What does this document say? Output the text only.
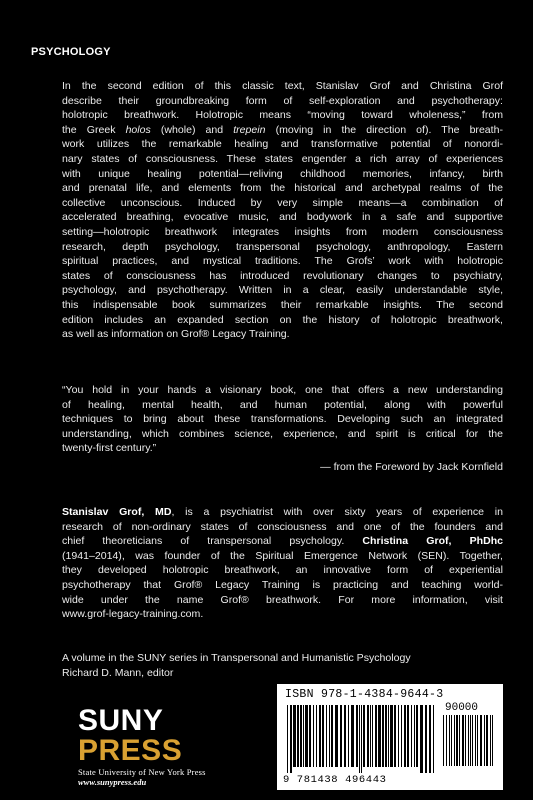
PSYCHOLOGY

In the second edition of this classic text, Stanislav Grof and Christina Grof
describe their groundbreaking form of self-exploration and psychotherapy:
holotropic breathwork. Holotropic means “moving toward wholeness,” from
the Greek holos (whole) and trepein (moving in the direction of). The breath-
work utilizes the remarkable healing and transformative potential of nonordi-
nary states of consciousness. These states engender a rich array of experiences
with unique healing potential—reliving childhood memories, infancy, birth
and prenatal life, and elements from the historical and archetypal realms of the
collective unconscious. Induced by very simple means—a combination of
accelerated breathing, evocative music, and bodywork in a safe and supportive
setting—holotropic breathwork integrates insights from modern consciousness
research, depth psychology, transpersonal psychology, anthropology, Eastern
spiritual practices, and mystical traditions. The Grofs’ work with holotropic
states of consciousness has introduced revolutionary changes to psychiatry,
psychology, and psychotherapy. Written in a clear, easily understandable style,
this indispensable book summarizes their remarkable insights. The second
edition includes an expanded section on the history of holotropic breathwork,
as well as information on Grof® Legacy Training.

“You hold in your hands a visionary book, one that offers a new understanding
of healing, mental health, and human potential, along with powerful
techniques to bring about these transformations. Developing such an integrated
understanding, which combines science, experience, and spirit is critical for the
twenty-first century.”

— from the Foreword by Jack Kornfield

Stanislav Grof, MD, is a psychiatrist with over sixty years of experience in
research of non-ordinary states of consciousness and one of the founders and
chief theoreticians of transpersonal psychology. Christina Grof, PhDhc
(1941–2014), was founder of the Spiritual Emergence Network (SEN). Together,
they developed holotropic breathwork, an innovative form of experiential
psychotherapy that Grof® Legacy Training is practicing and teaching world-
wide under the name Grof® breathwork. For more information, visit
www.grof-legacy-training.com.

A volume in the SUNY series in Transpersonal and Humanistic Psychology
Richard D. Mann, editor

SUNY
PRESS
State University of New York Press
www.sunypress.edu
ISBN 978-1-4384-9644-3
90000
9 781438 496443
